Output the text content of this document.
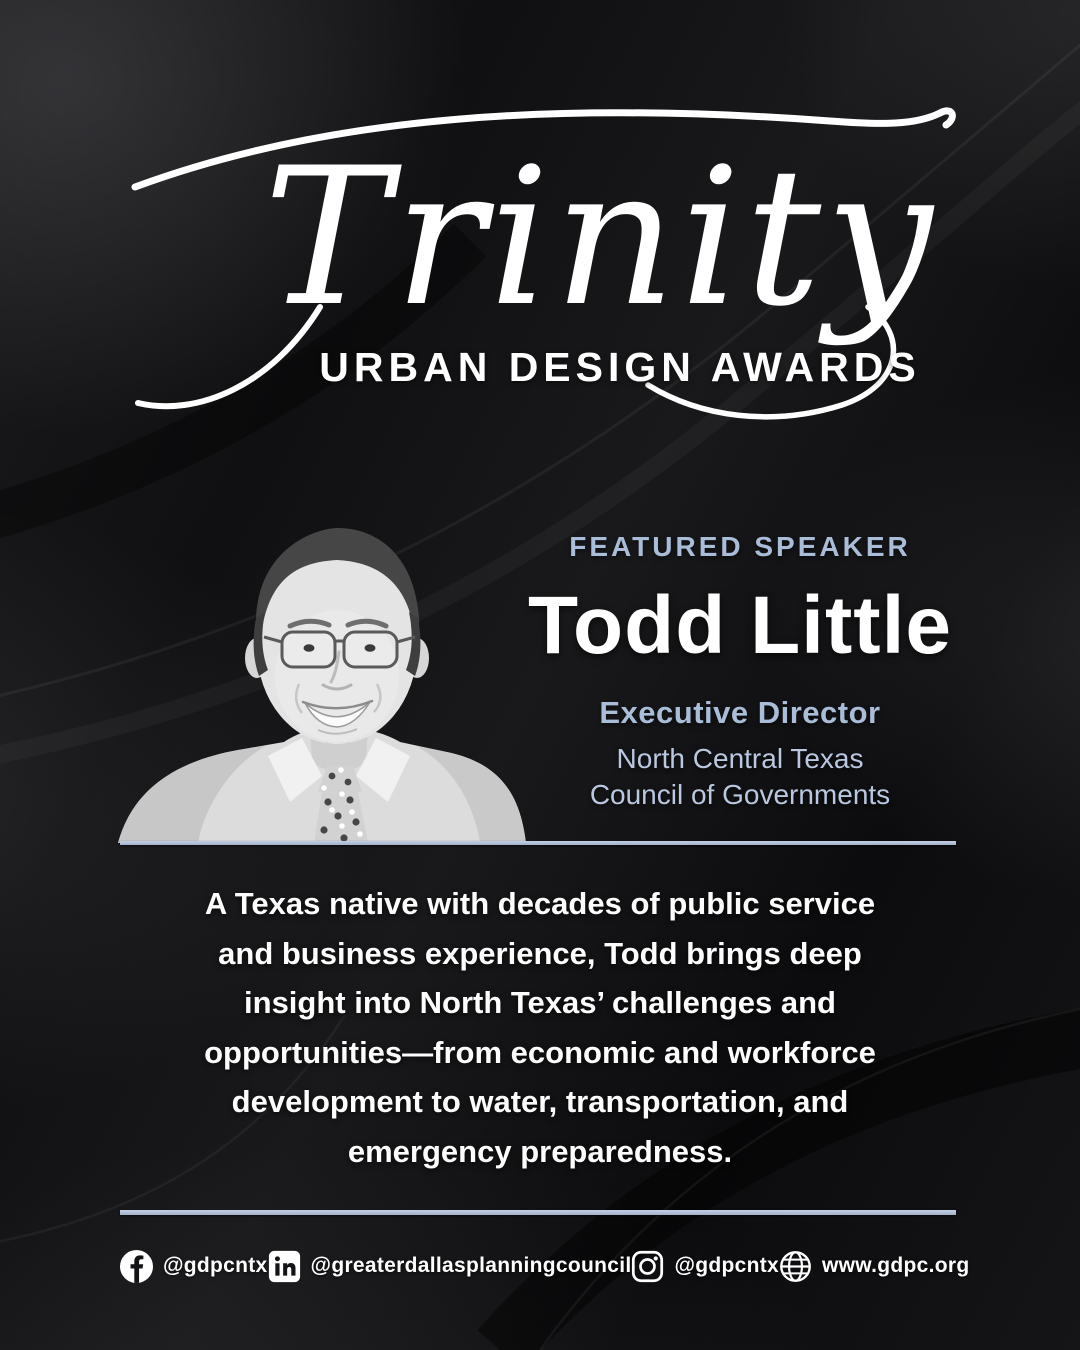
Trinity
URBAN DESIGN AWARDS
FEATURED SPEAKER
Todd Little
Executive Director
North Central Texas
Council of Governments
A Texas native with decades of public service
and business experience, Todd brings deep
insight into North Texas’ challenges and
opportunities—from economic and workforce
development to water, transportation, and
emergency preparedness.
@gdpcntx @greaterdallasplanningcouncil @gdpcntx www.gdpc.org
